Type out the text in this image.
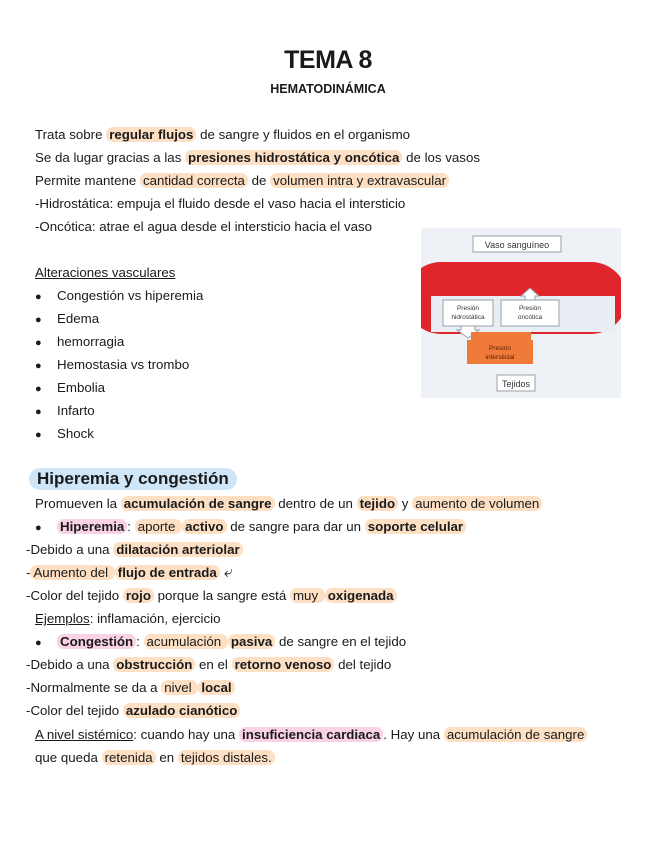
TEMA 8
HEMATODINÁMICA
Trata sobre regular flujos de sangre y fluidos en el organismo
Se da lugar gracias a las presiones hidrostática y oncótica de los vasos
Permite mantene cantidad correcta de volumen intra y extravascular
-Hidrostática: empuja el fluido desde el vaso hacia el intersticio
-Oncótica: atrae el agua desde el intersticio hacia el vaso
Vaso sanguíneo
Presión
hidrostática
Presión
oncótica
Presión
intersticial
Tejidos
Alteraciones vasculares
● Congestión vs hiperemia
● Edema
● hemorragia
● Hemostasia vs trombo
● Embolia
● Infarto
● Shock
Hiperemia y congestión
Promueven la acumulación de sangre dentro de un tejido y aumento de volumen
● Hiperemia : aporte activo de sangre para dar un soporte celular
-Debido a una dilatación arteriolar
- Aumento del flujo de entrada ⤶
-Color del tejido rojo porque la sangre está muy oxigenada
Ejemplos: inflamación, ejercicio
● Congestión : acumulación pasiva de sangre en el tejido
-Debido a una obstrucción en el retorno venoso del tejido
-Normalmente se da a nivel local
-Color del tejido azulado cianótico
A nivel sistémico: cuando hay una insuficiencia cardiaca . Hay una acumulación de sangre
que queda retenida en tejidos distales.
